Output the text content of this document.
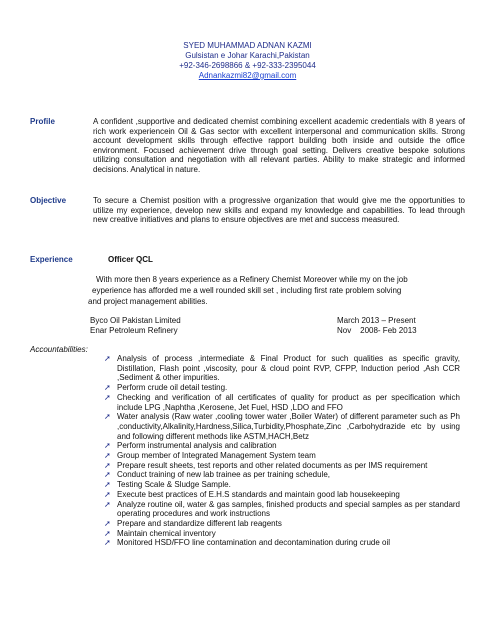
SYED MUHAMMAD ADNAN KAZMI
Gulsistan e Johar Karachi,Pakistan
+92-346-2698866 & +92-333-2395044
Adnankazmi82@gmail.com
Profile	A confident ,supportive and dedicated chemist combining excellent academic credentials with 8 years of rich work experiencein Oil & Gas sector with excellent interpersonal and communication skills. Strong account development skills through effective rapport building both inside and outside the office environment. Focused achievement drive through goal setting. Delivers creative bespoke solutions utilizing consultation and negotiation with all relevant parties. Ability to make strategic and informed decisions. Analytical in nature.
Objective	To secure a Chemist position with a progressive organization that would give me the opportunities to utilize my experience, develop new skills and expand my knowledge and capabilities. To lead through new creative initiatives and plans to ensure objectives are met and success measured.
Experience	Officer QCL
With more then 8 years experience as a Refinery Chemist Moreover while my on the job
eyperience has afforded me a well rounded skill set , including first rate problem solving
and project management abilities.
Byco Oil Pakistan Limited	March 2013 – Present
Enar Petroleum Refinery	Nov    2008- Feb 2013
Accountabilities:
➚ Analysis of process ,intermediate & Final Product for such qualities as specific gravity, Distillation, Flash point ,viscosity, pour & cloud point RVP, CFPP, Induction period ,Ash CCR ,Sediment & other impurities.
➚ Perform crude oil detail testing.
➚ Checking and verification of all certificates of quality for product as per specification which include LPG ,Naphtha ,Kerosene, Jet Fuel, HSD ,LDO and FFO
➚ Water analysis (Raw water ,cooling tower water ,Boiler Water) of different parameter such as Ph ,conductivity,Alkalinity,Hardness,Silica,Turbidity,Phosphate,Zinc ,Carbohydrazide etc by using and following different methods like ASTM,HACH,Betz
➚ Perform instrumental analysis and calibration
➚ Group member of Integrated Management System team
➚ Prepare result sheets, test reports and other related documents as per IMS requirement
➚ Conduct training of new lab trainee as per training schedule,
➚ Testing Scale & Sludge Sample.
➚ Execute best practices of E.H.S standards and maintain good lab housekeeping
➚ Analyze routine oil, water & gas samples, finished products and special samples as per standard operating procedures and work instructions
➚ Prepare and standardize different lab reagents
➚ Maintain chemical inventory
➚ Monitored HSD/FFO line contamination and decontamination during crude oil
